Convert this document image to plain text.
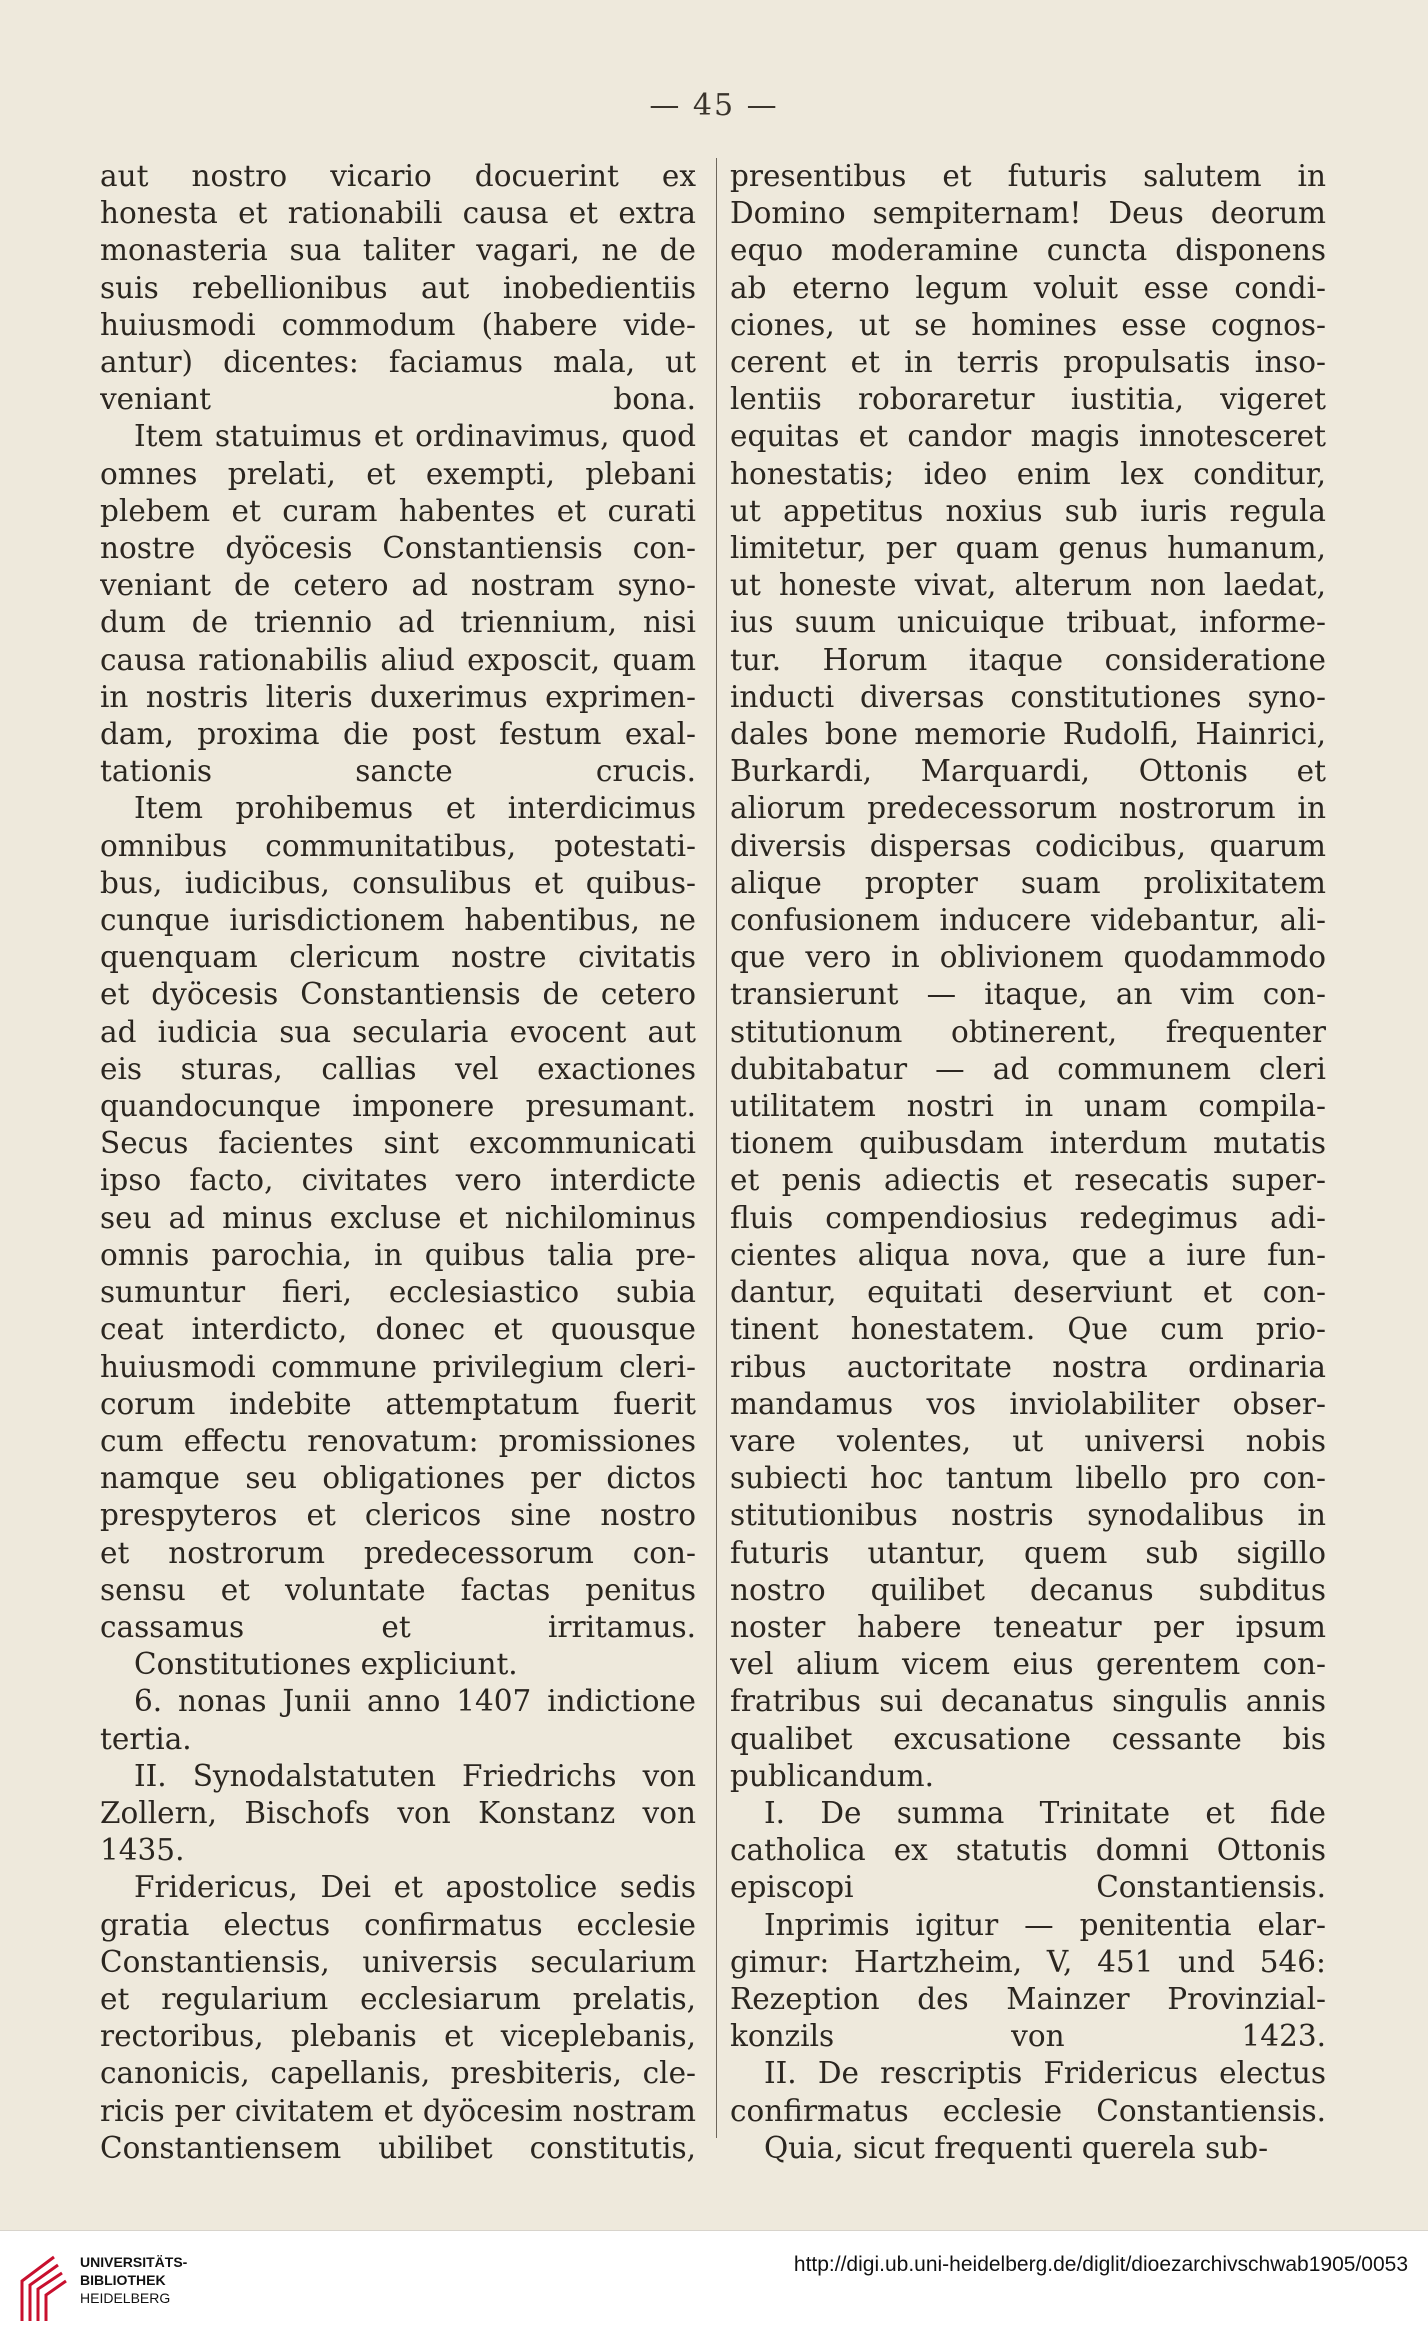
— 45 —

aut nostro vicario docuerint ex
honesta et rationabili causa et extra
monasteria sua taliter vagari, ne de
suis rebellionibus aut inobedientiis
huiusmodi commodum (habere vide-
antur) dicentes: faciamus mala, ut
veniant bona.

Item statuimus et ordinavimus, quod
omnes prelati, et exempti, plebani
plebem et curam habentes et curati
nostre dyöcesis Constantiensis con-
veniant de cetero ad nostram syno-
dum de triennio ad triennium, nisi
causa rationabilis aliud exposcit, quam
in nostris literis duxerimus exprimen-
dam, proxima die post festum exal-
tationis sancte crucis.

Item prohibemus et interdicimus
omnibus communitatibus, potestati-
bus, iudicibus, consulibus et quibus-
cunque iurisdictionem habentibus, ne
quenquam clericum nostre civitatis
et dyöcesis Constantiensis de cetero
ad iudicia sua secularia evocent aut
eis sturas, callias vel exactiones
quandocunque imponere presumant.
Secus facientes sint excommunicati
ipso facto, civitates vero interdicte
seu ad minus excluse et nichilominus
omnis parochia, in quibus talia pre-
sumuntur fieri, ecclesiastico subia
ceat interdicto, donec et quousque
huiusmodi commune privilegium cleri-
corum indebite attemptatum fuerit
cum effectu renovatum: promissiones
namque seu obligationes per dictos
prespyteros et clericos sine nostro
et nostrorum predecessorum con-
sensu et voluntate factas penitus
cassamus et irritamus.

Constitutiones expliciunt.

6. nonas Junii anno 1407 indictione
tertia.

II. Synodalstatuten Friedrichs von
Zollern, Bischofs von Konstanz von
1435.

Fridericus, Dei et apostolice sedis
gratia electus confirmatus ecclesie
Constantiensis, universis secularium
et regularium ecclesiarum prelatis,
rectoribus, plebanis et viceplebanis,
canonicis, capellanis, presbiteris, cle-
ricis per civitatem et dyöcesim nostram
Constantiensem ubilibet constitutis,

presentibus et futuris salutem in
Domino sempiternam! Deus deorum
equo moderamine cuncta disponens
ab eterno legum voluit esse condi-
ciones, ut se homines esse cognos-
cerent et in terris propulsatis inso-
lentiis roboraretur iustitia, vigeret
equitas et candor magis innotesceret
honestatis; ideo enim lex conditur,
ut appetitus noxius sub iuris regula
limitetur, per quam genus humanum,
ut honeste vivat, alterum non laedat,
ius suum unicuique tribuat, informe-
tur. Horum itaque consideratione
inducti diversas constitutiones syno-
dales bone memorie Rudolfi, Hainrici,
Burkardi, Marquardi, Ottonis et
aliorum predecessorum nostrorum in
diversis dispersas codicibus, quarum
alique propter suam prolixitatem
confusionem inducere videbantur, ali-
que vero in oblivionem quodammodo
transierunt — itaque, an vim con-
stitutionum obtinerent, frequenter
dubitabatur — ad communem cleri
utilitatem nostri in unam compila-
tionem quibusdam interdum mutatis
et penis adiectis et resecatis super-
fluis compendiosius redegimus adi-
cientes aliqua nova, que a iure fun-
dantur, equitati deserviunt et con-
tinent honestatem. Que cum prio-
ribus auctoritate nostra ordinaria
mandamus vos inviolabiliter obser-
vare volentes, ut universi nobis
subiecti hoc tantum libello pro con-
stitutionibus nostris synodalibus in
futuris utantur, quem sub sigillo
nostro quilibet decanus subditus
noster habere teneatur per ipsum
vel alium vicem eius gerentem con-
fratribus sui decanatus singulis annis
qualibet excusatione cessante bis
publicandum.

I. De summa Trinitate et fide
catholica ex statutis domni Ottonis
episcopi Constantiensis.

Inprimis igitur — penitentia elar-
gimur: Hartzheim, V, 451 und 546:
Rezeption des Mainzer Provinzial-
konzils von 1423.

II. De rescriptis Fridericus electus
confirmatus ecclesie Constantiensis.

Quia, sicut frequenti querela sub-

UNIVERSITÄTS-
BIBLIOTHEK
HEIDELBERG
http://digi.ub.uni-heidelberg.de/diglit/dioezarchivschwab1905/0053
